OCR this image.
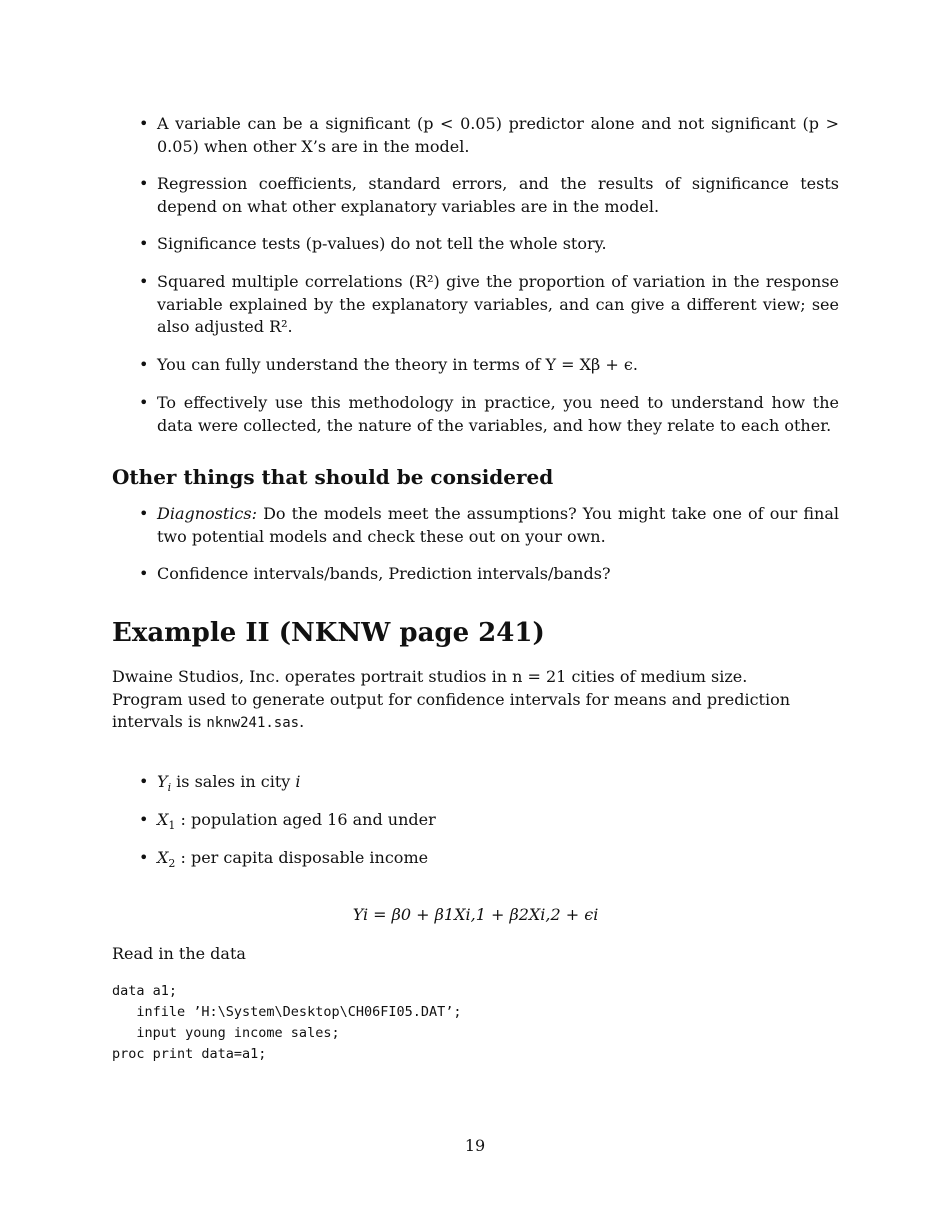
• A variable can be a significant (p < 0.05) predictor alone and not significant (p > 0.05) when other X’s are in the model.

• Regression coefficients, standard errors, and the results of significance tests depend on what other explanatory variables are in the model.

• Significance tests (p-values) do not tell the whole story.

• Squared multiple correlations (R²) give the proportion of variation in the response variable explained by the explanatory variables, and can give a different view; see also adjusted R².

• You can fully understand the theory in terms of Y = Xβ + ϵ.

• To effectively use this methodology in practice, you need to understand how the data were collected, the nature of the variables, and how they relate to each other.

Other things that should be considered
• Diagnostics: Do the models meet the assumptions? You might take one of our final two potential models and check these out on your own.

• Confidence intervals/bands, Prediction intervals/bands?

Example II (NKNW page 241)

Dwaine Studios, Inc. operates portrait studios in n = 21 cities of medium size.

Program used to generate output for confidence intervals for means and prediction intervals is nknw241.sas.

• $Y_i$ is sales in city i

• $X_1$ : population aged 16 and under

• $X_2$ : per capita disposable income

Yi = β0 + β1Xi,1 + β2Xi,2 + ϵi

Read in the data

data a1;
infile ’H:\System\Desktop\CH06FI05.DAT’;
input young income sales;
proc print data=a1;
19
